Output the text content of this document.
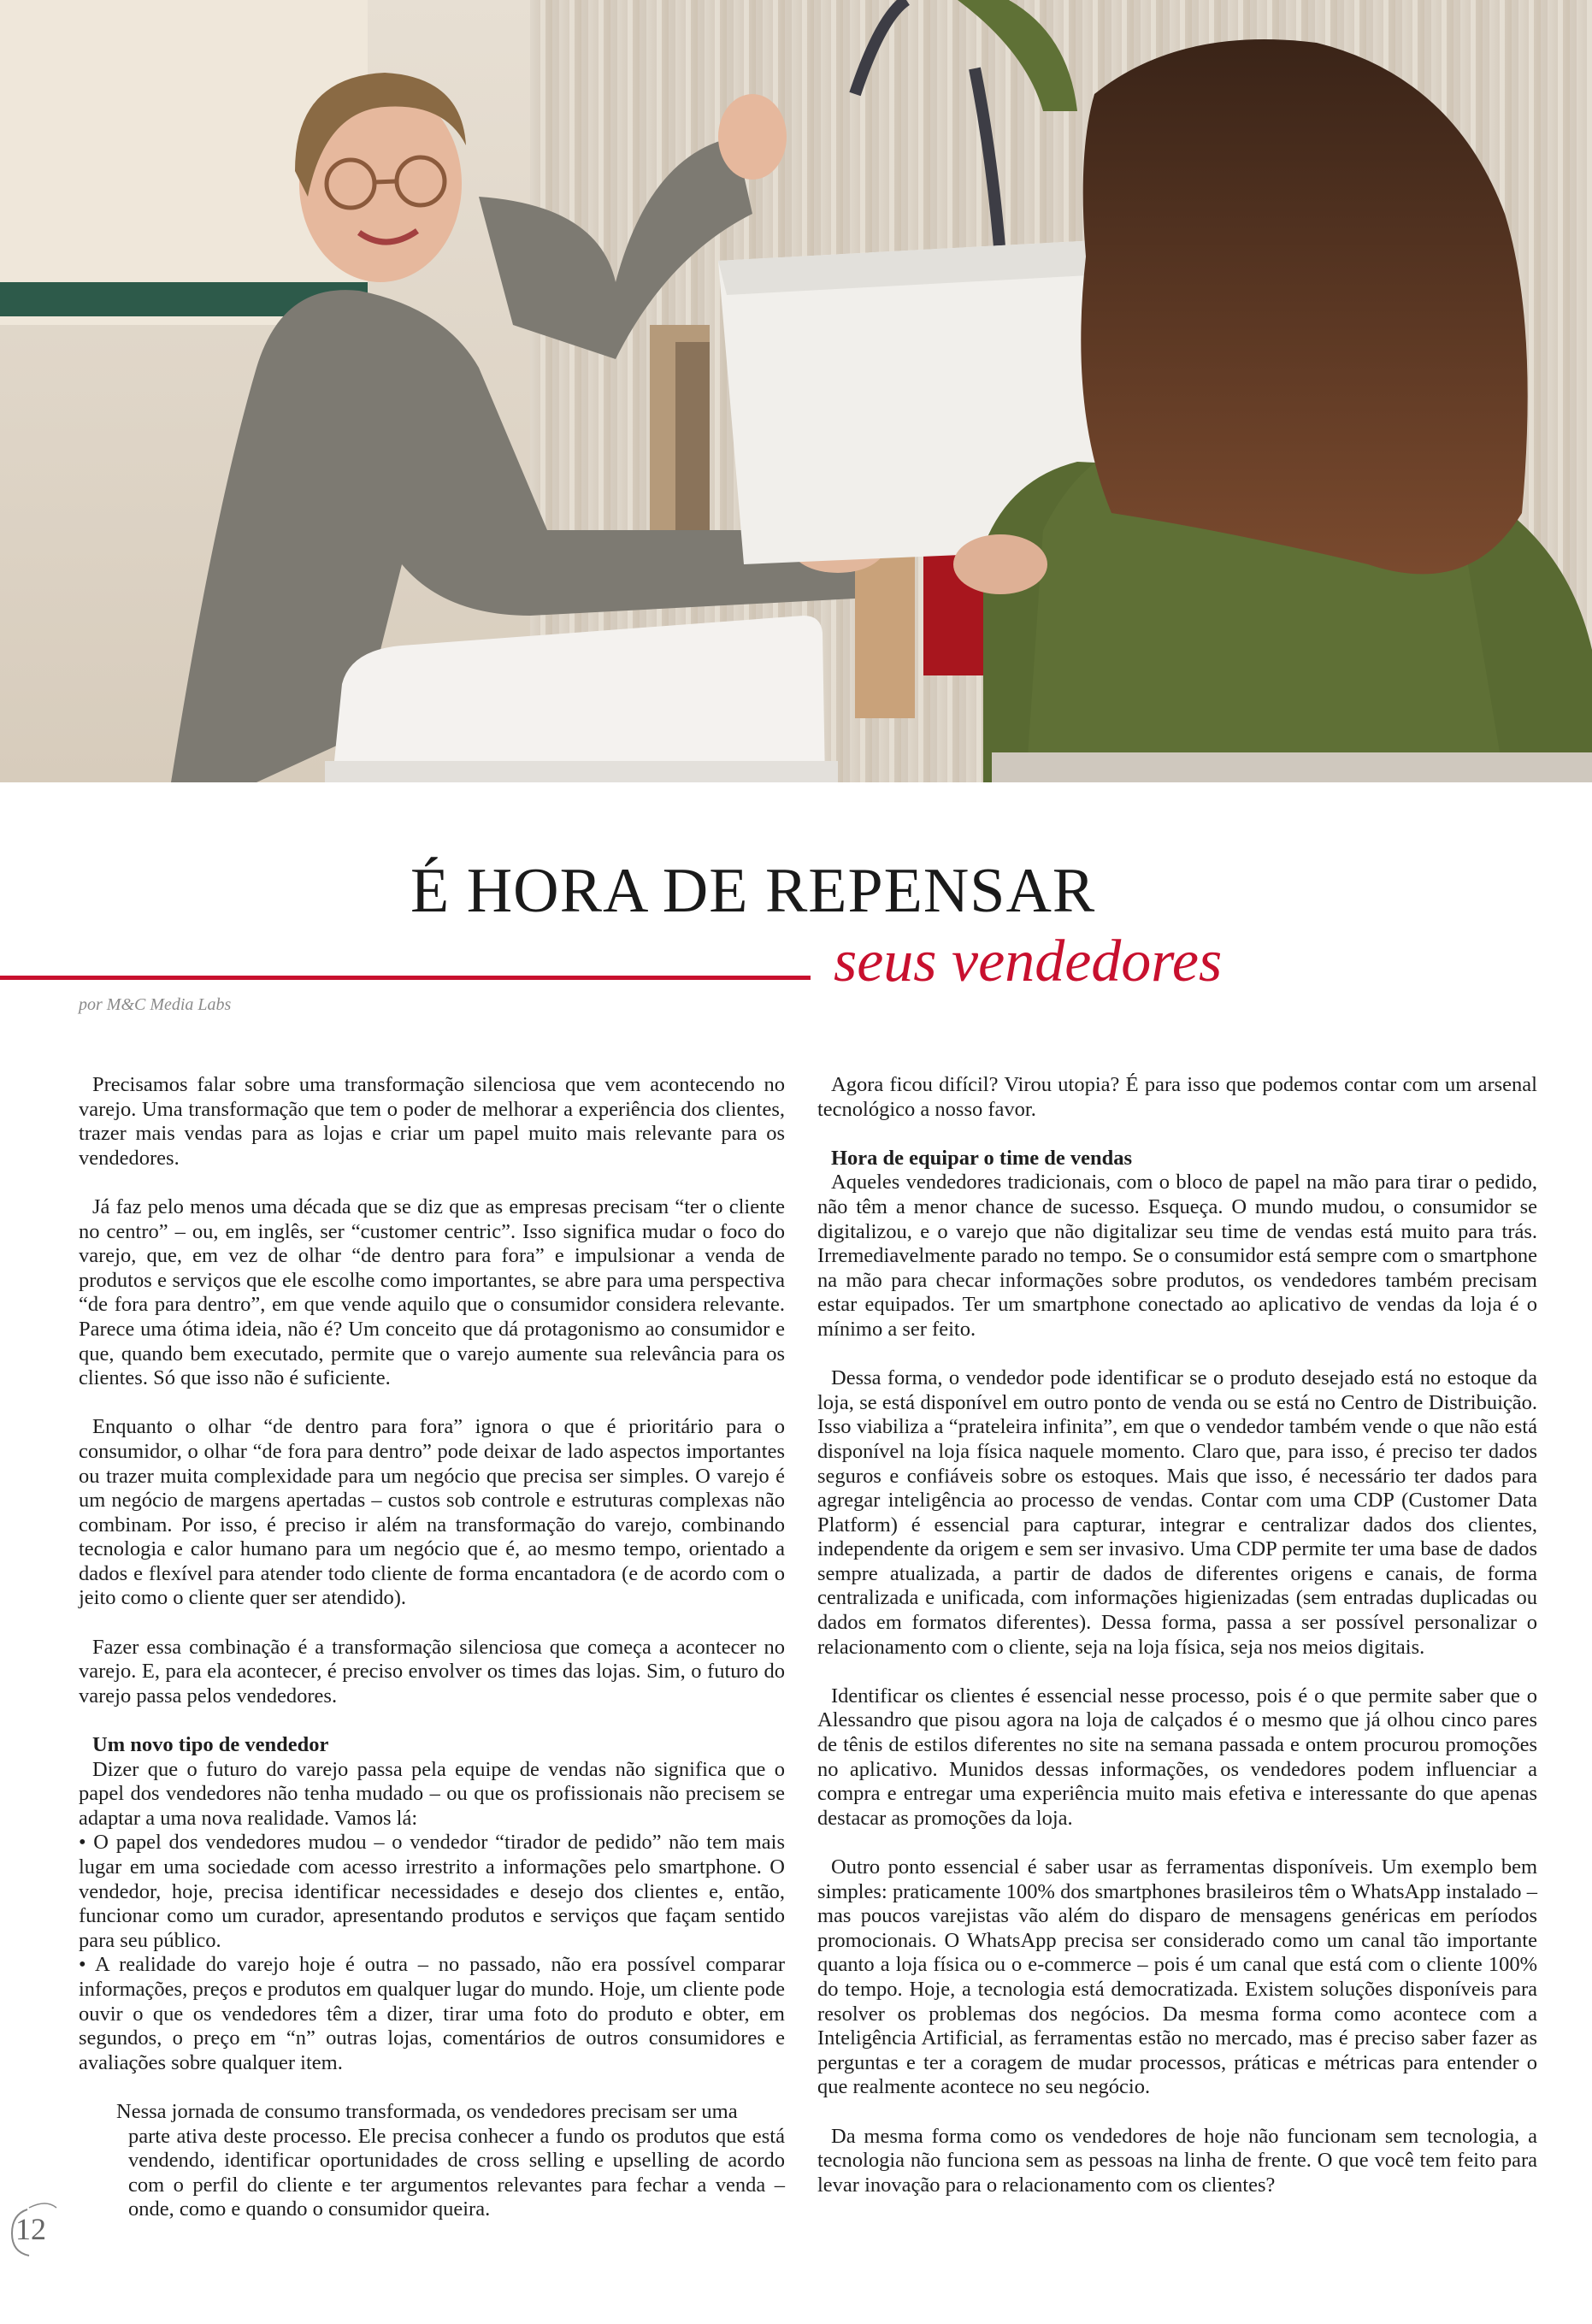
É HORA DE REPENSAR
seus vendedores
por M&C Media Labs

Precisamos falar sobre uma transformação silenciosa que vem acontecendo no varejo. Uma transformação que tem o poder de melhorar a experiência dos clientes, trazer mais vendas para as lojas e criar um papel muito mais relevante para os vendedores.

Já faz pelo menos uma década que se diz que as empresas precisam “ter o cliente no centro” – ou, em inglês, ser “customer centric”. Isso significa mudar o foco do varejo, que, em vez de olhar “de dentro para fora” e impulsionar a venda de produtos e serviços que ele escolhe como importantes, se abre para uma perspectiva “de fora para dentro”, em que vende aquilo que o consumidor considera relevante. Parece uma ótima ideia, não é? Um conceito que dá protagonismo ao consumidor e que, quando bem executado, permite que o varejo aumente sua relevância para os clientes. Só que isso não é suficiente.

Enquanto o olhar “de dentro para fora” ignora o que é prioritário para o consumidor, o olhar “de fora para dentro” pode deixar de lado aspectos importantes ou trazer muita complexidade para um negócio que precisa ser simples. O varejo é um negócio de margens apertadas – custos sob controle e estruturas complexas não combinam. Por isso, é preciso ir além na transformação do varejo, combinando tecnologia e calor humano para um negócio que é, ao mesmo tempo, orientado a dados e flexível para atender todo cliente de forma encantadora (e de acordo com o jeito como o cliente quer ser atendido).

Fazer essa combinação é a transformação silenciosa que começa a acontecer no varejo. E, para ela acontecer, é preciso envolver os times das lojas. Sim, o futuro do varejo passa pelos vendedores.

Um novo tipo de vendedor

Dizer que o futuro do varejo passa pela equipe de vendas não significa que o papel dos vendedores não tenha mudado – ou que os profissionais não precisem se adaptar a uma nova realidade. Vamos lá:

• O papel dos vendedores mudou – o vendedor “tirador de pedido” não tem mais lugar em uma sociedade com acesso irrestrito a informações pelo smartphone. O vendedor, hoje, precisa identificar necessidades e desejo dos clientes e, então, funcionar como um curador, apresentando produtos e serviços que façam sentido para seu público.

• A realidade do varejo hoje é outra – no passado, não era possível comparar informações, preços e produtos em qualquer lugar do mundo. Hoje, um cliente pode ouvir o que os vendedores têm a dizer, tirar uma foto do produto e obter, em segundos, o preço em “n” outras lojas, comentários de outros consumidores e avaliações sobre qualquer item.

Nessa jornada de consumo transformada, os vendedores precisam ser uma

parte ativa deste processo. Ele precisa conhecer a fundo os produtos que está vendendo, identificar oportunidades de cross selling e upselling de acordo com o perfil do cliente e ter argumentos relevantes para fechar a venda – onde, como e quando o consumidor queira.

12

Agora ficou difícil? Virou utopia? É para isso que podemos contar com um arsenal tecnológico a nosso favor.

Hora de equipar o time de vendas

Aqueles vendedores tradicionais, com o bloco de papel na mão para tirar o pedido, não têm a menor chance de sucesso. Esqueça. O mundo mudou, o consumidor se digitalizou, e o varejo que não digitalizar seu time de vendas está muito para trás. Irremediavelmente parado no tempo. Se o consumidor está sempre com o smartphone na mão para checar informações sobre produtos, os vendedores também precisam estar equipados. Ter um smartphone conectado ao aplicativo de vendas da loja é o mínimo a ser feito.

Dessa forma, o vendedor pode identificar se o produto desejado está no estoque da loja, se está disponível em outro ponto de venda ou se está no Centro de Distribuição. Isso viabiliza a “prateleira infinita”, em que o vendedor também vende o que não está disponível na loja física naquele momento. Claro que, para isso, é preciso ter dados seguros e confiáveis sobre os estoques. Mais que isso, é necessário ter dados para agregar inteligência ao processo de vendas. Contar com uma CDP (Customer Data Platform) é essencial para capturar, integrar e centralizar dados dos clientes, independente da origem e sem ser invasivo. Uma CDP permite ter uma base de dados sempre atualizada, a partir de dados de diferentes origens e canais, de forma centralizada e unificada, com informações higienizadas (sem entradas duplicadas ou dados em formatos diferentes). Dessa forma, passa a ser possível personalizar o relacionamento com o cliente, seja na loja física, seja nos meios digitais.

Identificar os clientes é essencial nesse processo, pois é o que permite saber que o Alessandro que pisou agora na loja de calçados é o mesmo que já olhou cinco pares de tênis de estilos diferentes no site na semana passada e ontem procurou promoções no aplicativo. Munidos dessas informações, os vendedores podem influenciar a compra e entregar uma experiência muito mais efetiva e interessante do que apenas destacar as promoções da loja.

Outro ponto essencial é saber usar as ferramentas disponíveis. Um exemplo bem simples: praticamente 100% dos smartphones brasileiros têm o WhatsApp instalado – mas poucos varejistas vão além do disparo de mensagens genéricas em períodos promocionais. O WhatsApp precisa ser considerado como um canal tão importante quanto a loja física ou o e-commerce – pois é um canal que está com o cliente 100% do tempo. Hoje, a tecnologia está democratizada. Existem soluções disponíveis para resolver os problemas dos negócios. Da mesma forma como acontece com a Inteligência Artificial, as ferramentas estão no mercado, mas é preciso saber fazer as perguntas e ter a coragem de mudar processos, práticas e métricas para entender o que realmente acontece no seu negócio.

Da mesma forma como os vendedores de hoje não funcionam sem tecnologia, a tecnologia não funciona sem as pessoas na linha de frente. O que você tem feito para levar inovação para o relacionamento com os clientes?
